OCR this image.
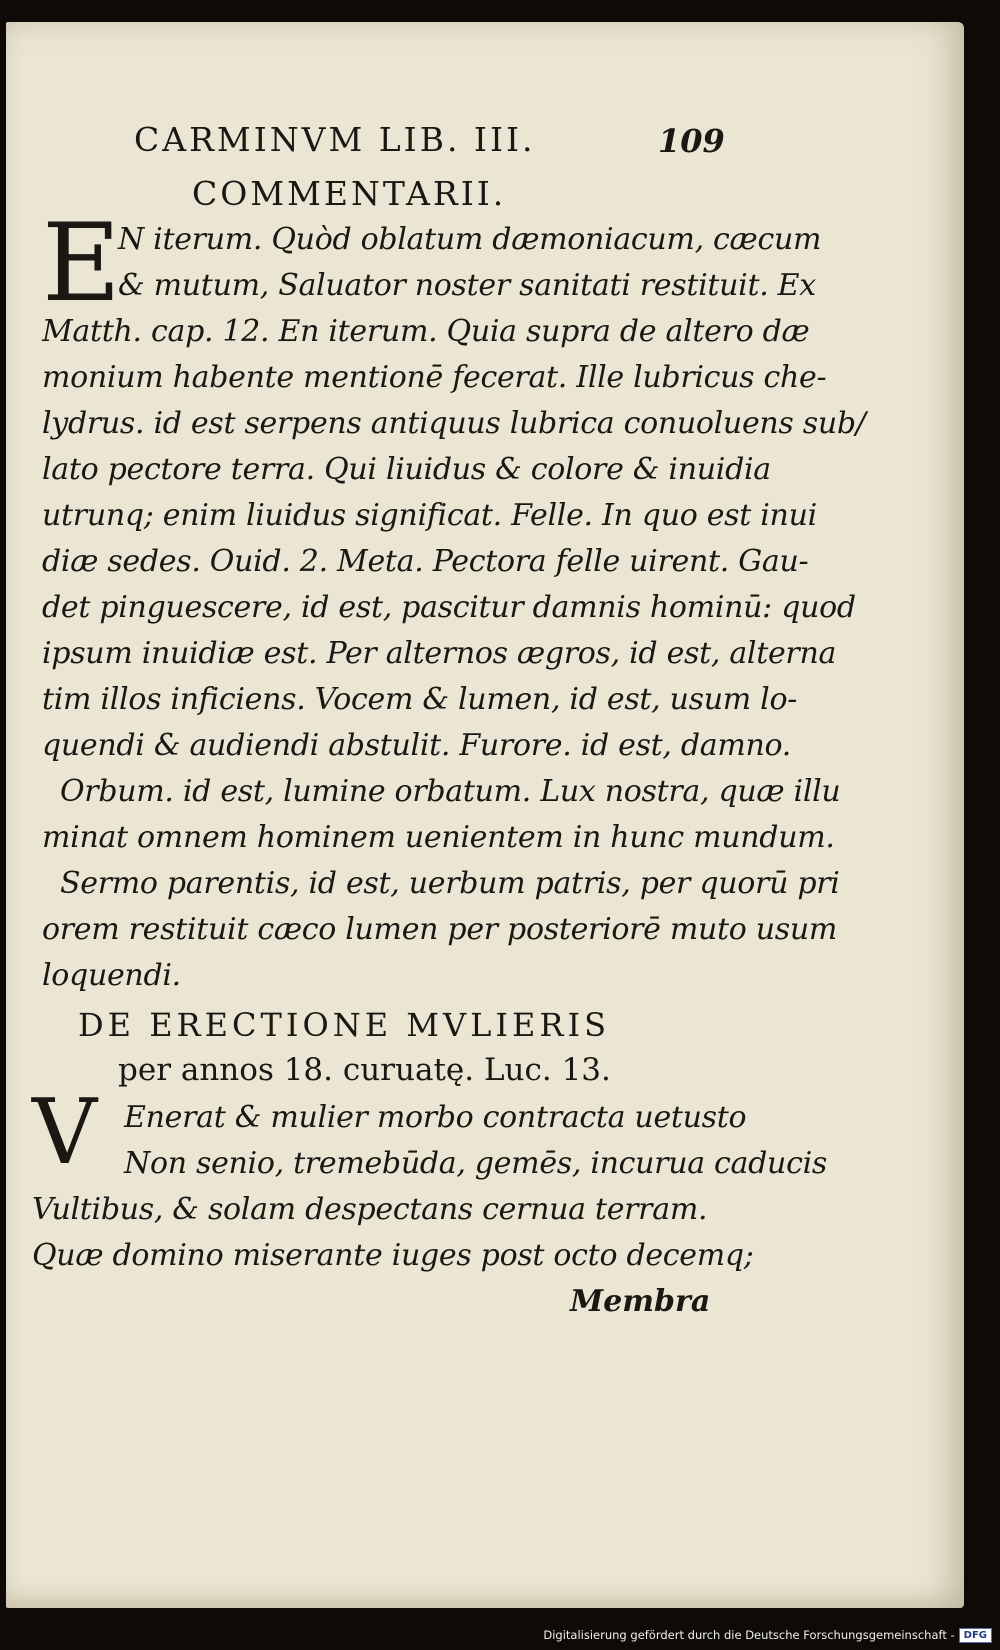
CARMINVM LIB. III.	109
COMMENTARII.
E
N iterum. Quòd oblatum dæmoniacum, cæcum
& mutum, Saluator noster sanitati restituit. Ex
Matth. cap. 12. En iterum. Quia supra de altero dæ
monium habente mentionē fecerat. Ille lubricus che-
lydrus. id est serpens antiquus lubrica conuoluens sub/
lato pectore terra. Qui liuidus & colore & inuidia
utrunq; enim liuidus significat. Felle. In quo est inui
diæ sedes. Ouid. 2. Meta. Pectora felle uirent. Gau-
det pinguescere, id est, pascitur damnis hominū: quod
ipsum inuidiæ est. Per alternos ægros, id est, alterna
tim illos inficiens. Vocem & lumen, id est, usum lo-
quendi & audiendi abstulit. Furore. id est, damno.
Orbum. id est, lumine orbatum. Lux nostra, quæ illu
minat omnem hominem uenientem in hunc mundum.
Sermo parentis, id est, uerbum patris, per quorū pri
orem restituit cæco lumen per posteriorē muto usum
loquendi.
DE ERECTIONE MVLIERIS
per annos 18. curuatę. Luc. 13.
V Enerat & mulier morbo contracta uetusto
Non senio, tremebūda, gemēs, incurua caducis
Vultibus, & solam despectans cernua terram.
Quæ domino miserante iuges post octo decemq;
Membra
Digitalisierung gefördert durch die Deutsche Forschungsgemeinschaft - DFG
